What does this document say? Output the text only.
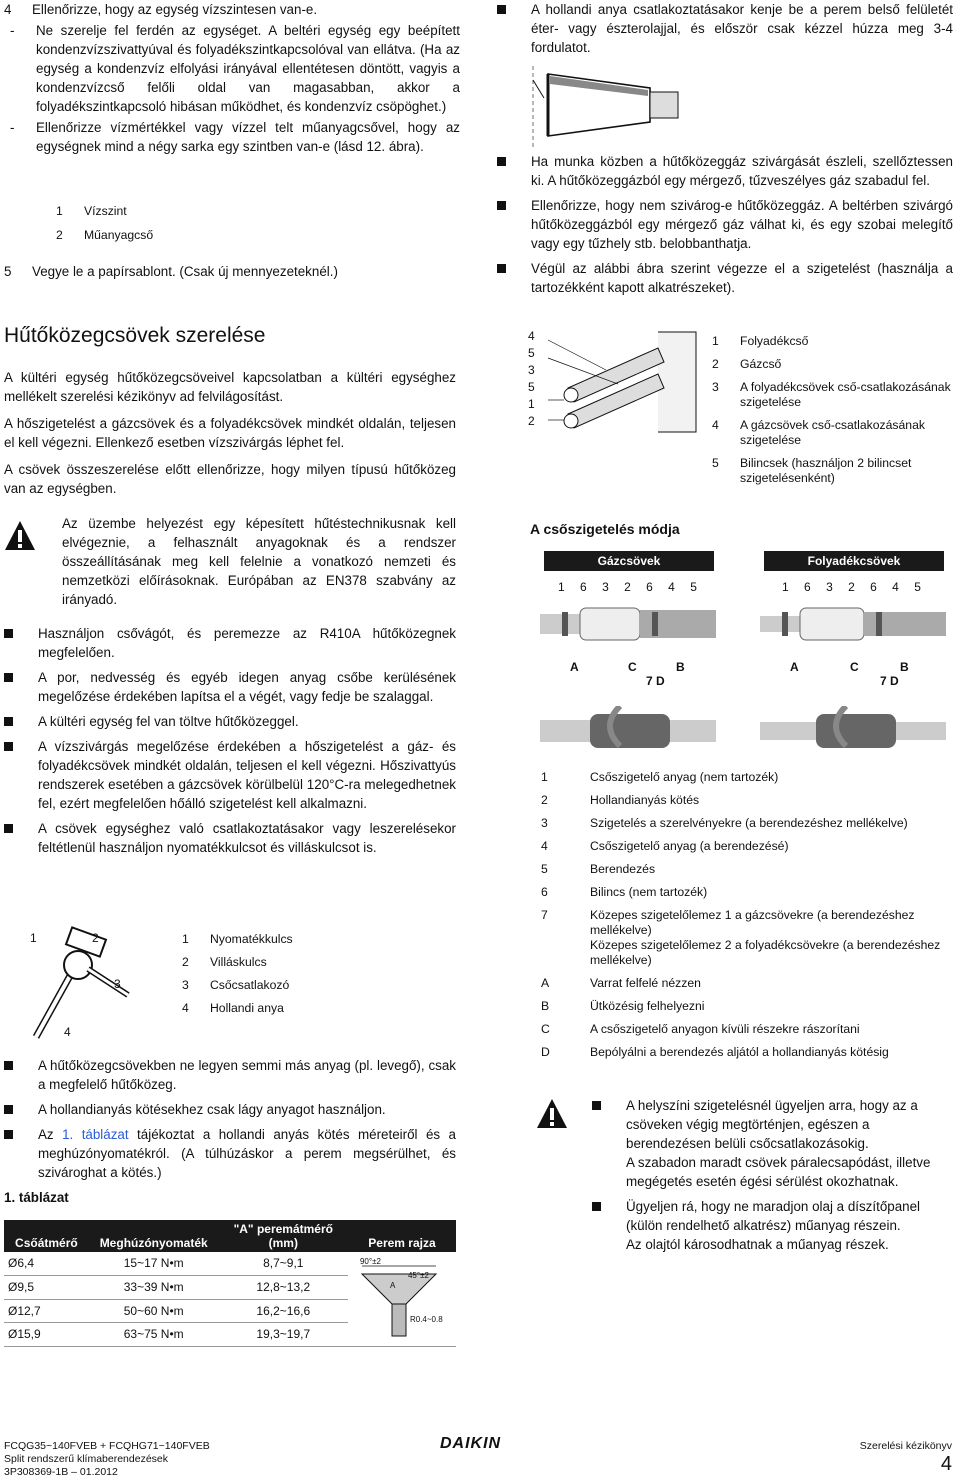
4 Ellenőrizze, hogy az egység vízszintesen van-e.
- Ne szerelje fel ferdén az egységet. A beltéri egység egy beépített kondenzvízszivattyúval és folyadékszintkapcsolóval van ellátva. (Ha az egység a kondenzvíz elfolyási irányával ellentétesen döntött, vagyis a kondenzvízcső felőli oldal van magasabban, akkor a folyadékszintkapcsoló hibásan működhet, és kondenzvíz csöpöghet.)
- Ellenőrizze vízmértékkel vagy vízzel telt műanyagcsővel, hogy az egységnek mind a négy sarka egy szintben van-e (lásd 12. ábra).
1	Vízszint
2	Műanyagcső
5 Vegye le a papírsablont. (Csak új mennyezeteknél.)
Hűtőközegcsövek szerelése

A kültéri egység hűtőközegcsöveivel kapcsolatban a kültéri egységhez mellékelt szerelési kézikönyv ad felvilágosítást.

A hőszigetelést a gázcsövek és a folyadékcsövek mindkét oldalán, teljesen el kell végezni. Ellenkező esetben vízszivárgás léphet fel.

A csövek összeszerelése előtt ellenőrizze, hogy milyen típusú hűtőközeg van az egységben.

Az üzembe helyezést egy képesített hűtéstechnikusnak kell elvégeznie, a felhasznált anyagoknak és a rendszer összeállításának meg kell felelnie a vonatkozó nemzeti és nemzetközi előírásoknak. Európában az EN378 szabvány az irányadó.
Használjon csővágót, és peremezze az R410A hűtőközegnek megfelelően.
A por, nedvesség és egyéb idegen anyag csőbe kerülésének megelőzése érdekében lapítsa el a végét, vagy fedje be szalaggal.
A kültéri egység fel van töltve hűtőközeggel.
A vízszivárgás megelőzése érdekében a hőszigetelést a gáz- és folyadékcsövek mindkét oldalán, teljesen el kell végezni. Hőszivattyús rendszerek esetében a gázcsövek körülbelül 120°C-ra melegedhetnek fel, ezért megfelelően hőálló szigetelést kell alkalmazni.
A csövek egységhez való csatlakoztatásakor vagy leszerelésekor feltétlenül használjon nyomatékkulcsot és villáskulcsot is.
1	2
3
4
1	Nyomatékkulcs
2	Villáskulcs
3	Csőcsatlakozó
4	Hollandi anya
A hűtőközegcsövekben ne legyen semmi más anyag (pl. levegő), csak a megfelelő hűtőközeg.
A hollandianyás kötésekhez csak lágy anyagot használjon.
Az 1. táblázat tájékoztat a hollandi anyás kötés méreteiről és a meghúzónyomatékról. (A túlhúzáskor a perem megsérülhet, és szivároghat a kötés.)
1. táblázat
Csőátmérő	Meghúzónyomaték	"A" peremátmérő (mm)	Perem rajza
Ø6,4	15~17 N•m	8,7~9,1	90°±2
45°±2
A
R0.4~0.8

Ø9,5	33~39 N•m	12,8~13,2	
Ø12,7	50~60 N•m	16,2~16,6	
Ø15,9	63~75 N•m	19,3~19,7	
A hollandi anya csatlakoztatásakor kenje be a perem belső felületét éter- vagy észterolajjal, és először csak kézzel húzza meg 3-4 fordulatot.
Ha munka közben a hűtőközeggáz szivárgását észleli, szellőztessen ki. A hűtőközeggázból egy mérgező, tűzveszélyes gáz szabadul fel.
Ellenőrizze, hogy nem szivárog-e hűtőközeggáz. A beltérben szivárgó hűtőközeggázból egy mérgező gáz válhat ki, és egy szobai melegítő vagy egy tűzhely stb. belobbanthatja.
Végül az alábbi ábra szerint végezze el a szigetelést (használja a tartozékként kapott alkatrészeket).
4
5
3
5
1
2
1	Folyadékcső
2	Gázcső
3	A folyadékcsövek cső-csatlakozásának szigetelése
4	A gázcsövek cső-csatlakozásának szigetelése
5	Bilincsek (használjon 2 bilincset szigetelésenként)
A csőszigetelés módja
Gázcsövek	Folyadékcsövek
1 6 3 2 6 4 5
A	C	B
7 D
1 6 3 2 6 4 5
A	C	B
7 D
1	Csőszigetelő anyag (nem tartozék)
2	Hollandianyás kötés
3	Szigetelés a szerelvényekre (a berendezéshez mellékelve)
4	Csőszigetelő anyag (a berendezésé)
5	Berendezés
6	Bilincs (nem tartozék)
7	Közepes szigetelőlemez 1 a gázcsövekre (a berendezéshez mellékelve)
Közepes szigetelőlemez 2 a folyadékcsövekre (a berendezéshez mellékelve)
A	Varrat felfelé nézzen
B	Ütközésig felhelyezni
C	A csőszigetelő anyagon kívüli részekre rászorítani
D	Bepólyálni a berendezés aljától a hollandianyás kötésig
A helyszíni szigetelésnél ügyeljen arra, hogy az a csöveken végig megtörténjen, egészen a berendezésen belüli csőcsatlakozásokig.
A szabadon maradt csövek páralecsapódást, illetve megégetés esetén égési sérülést okozhatnak.
Ügyeljen rá, hogy ne maradjon olaj a díszítőpanel (külön rendelhető alkatrész) műanyag részein.
Az olajtól károsodhatnak a műanyag részek.
FCQG35~140FVEB + FCQHG71~140FVEB
Split rendszerű klímaberendezések
3P308369-1B – 01.2012
DAIKIN	Szerelési kézikönyv
4
